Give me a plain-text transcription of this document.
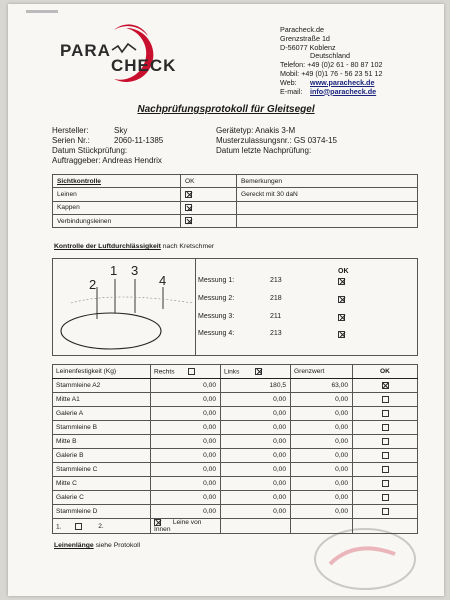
PARA
CHECK
Paracheck.de
Grenzstraße 1d
D-56077 Koblenz
Deutschland
Telefon: +49 (0)2 61 - 80 87 102
Mobil: +49 (0)1 76 - 56 23 51 12
Web: www.paracheck.de
E-mail: info@paracheck.de
Nachprüfungsprotokoll für Gleitsegel
Hersteller:	Sky
Serien Nr.:	2060-11-1385
Datum Stückprüfung:
Auftraggeber: Andreas Hendrix
Gerätetyp: Anakis 3-M
Musterzulassungsnr.: GS 0374-15
Datum letzte Nachprüfung:
Sichtkontrolle	OK	Bemerkungen
Leinen		Gereckt mit 30 daN
Kappen		
Verbindungsleinen		
Kontrolle der Luftdurchlässigkeit nach Kretschmer
2
1 3
4
OK
Messung 1:	213
Messung 2:	218
Messung 3:	211
Messung 4:	213
Leinenfestigkeit (Kg)	Rechts	Links	Grenzwert	OK
Stammleine A2	0,00	180,5	63,00	
Mitte A1	0,00	0,00	0,00	
Galerie A	0,00	0,00	0,00	
Stammleine B	0,00	0,00	0,00	
Mitte B	0,00	0,00	0,00	
Galerie B	0,00	0,00	0,00	
Stammleine C	0,00	0,00	0,00	
Mitte C	0,00	0,00	0,00	
Galerie C	0,00	0,00	0,00	
Stammleine D	0,00	0,00	0,00	
1. 2.	Leine von Innen			
Leinenlänge siehe Protokoll
